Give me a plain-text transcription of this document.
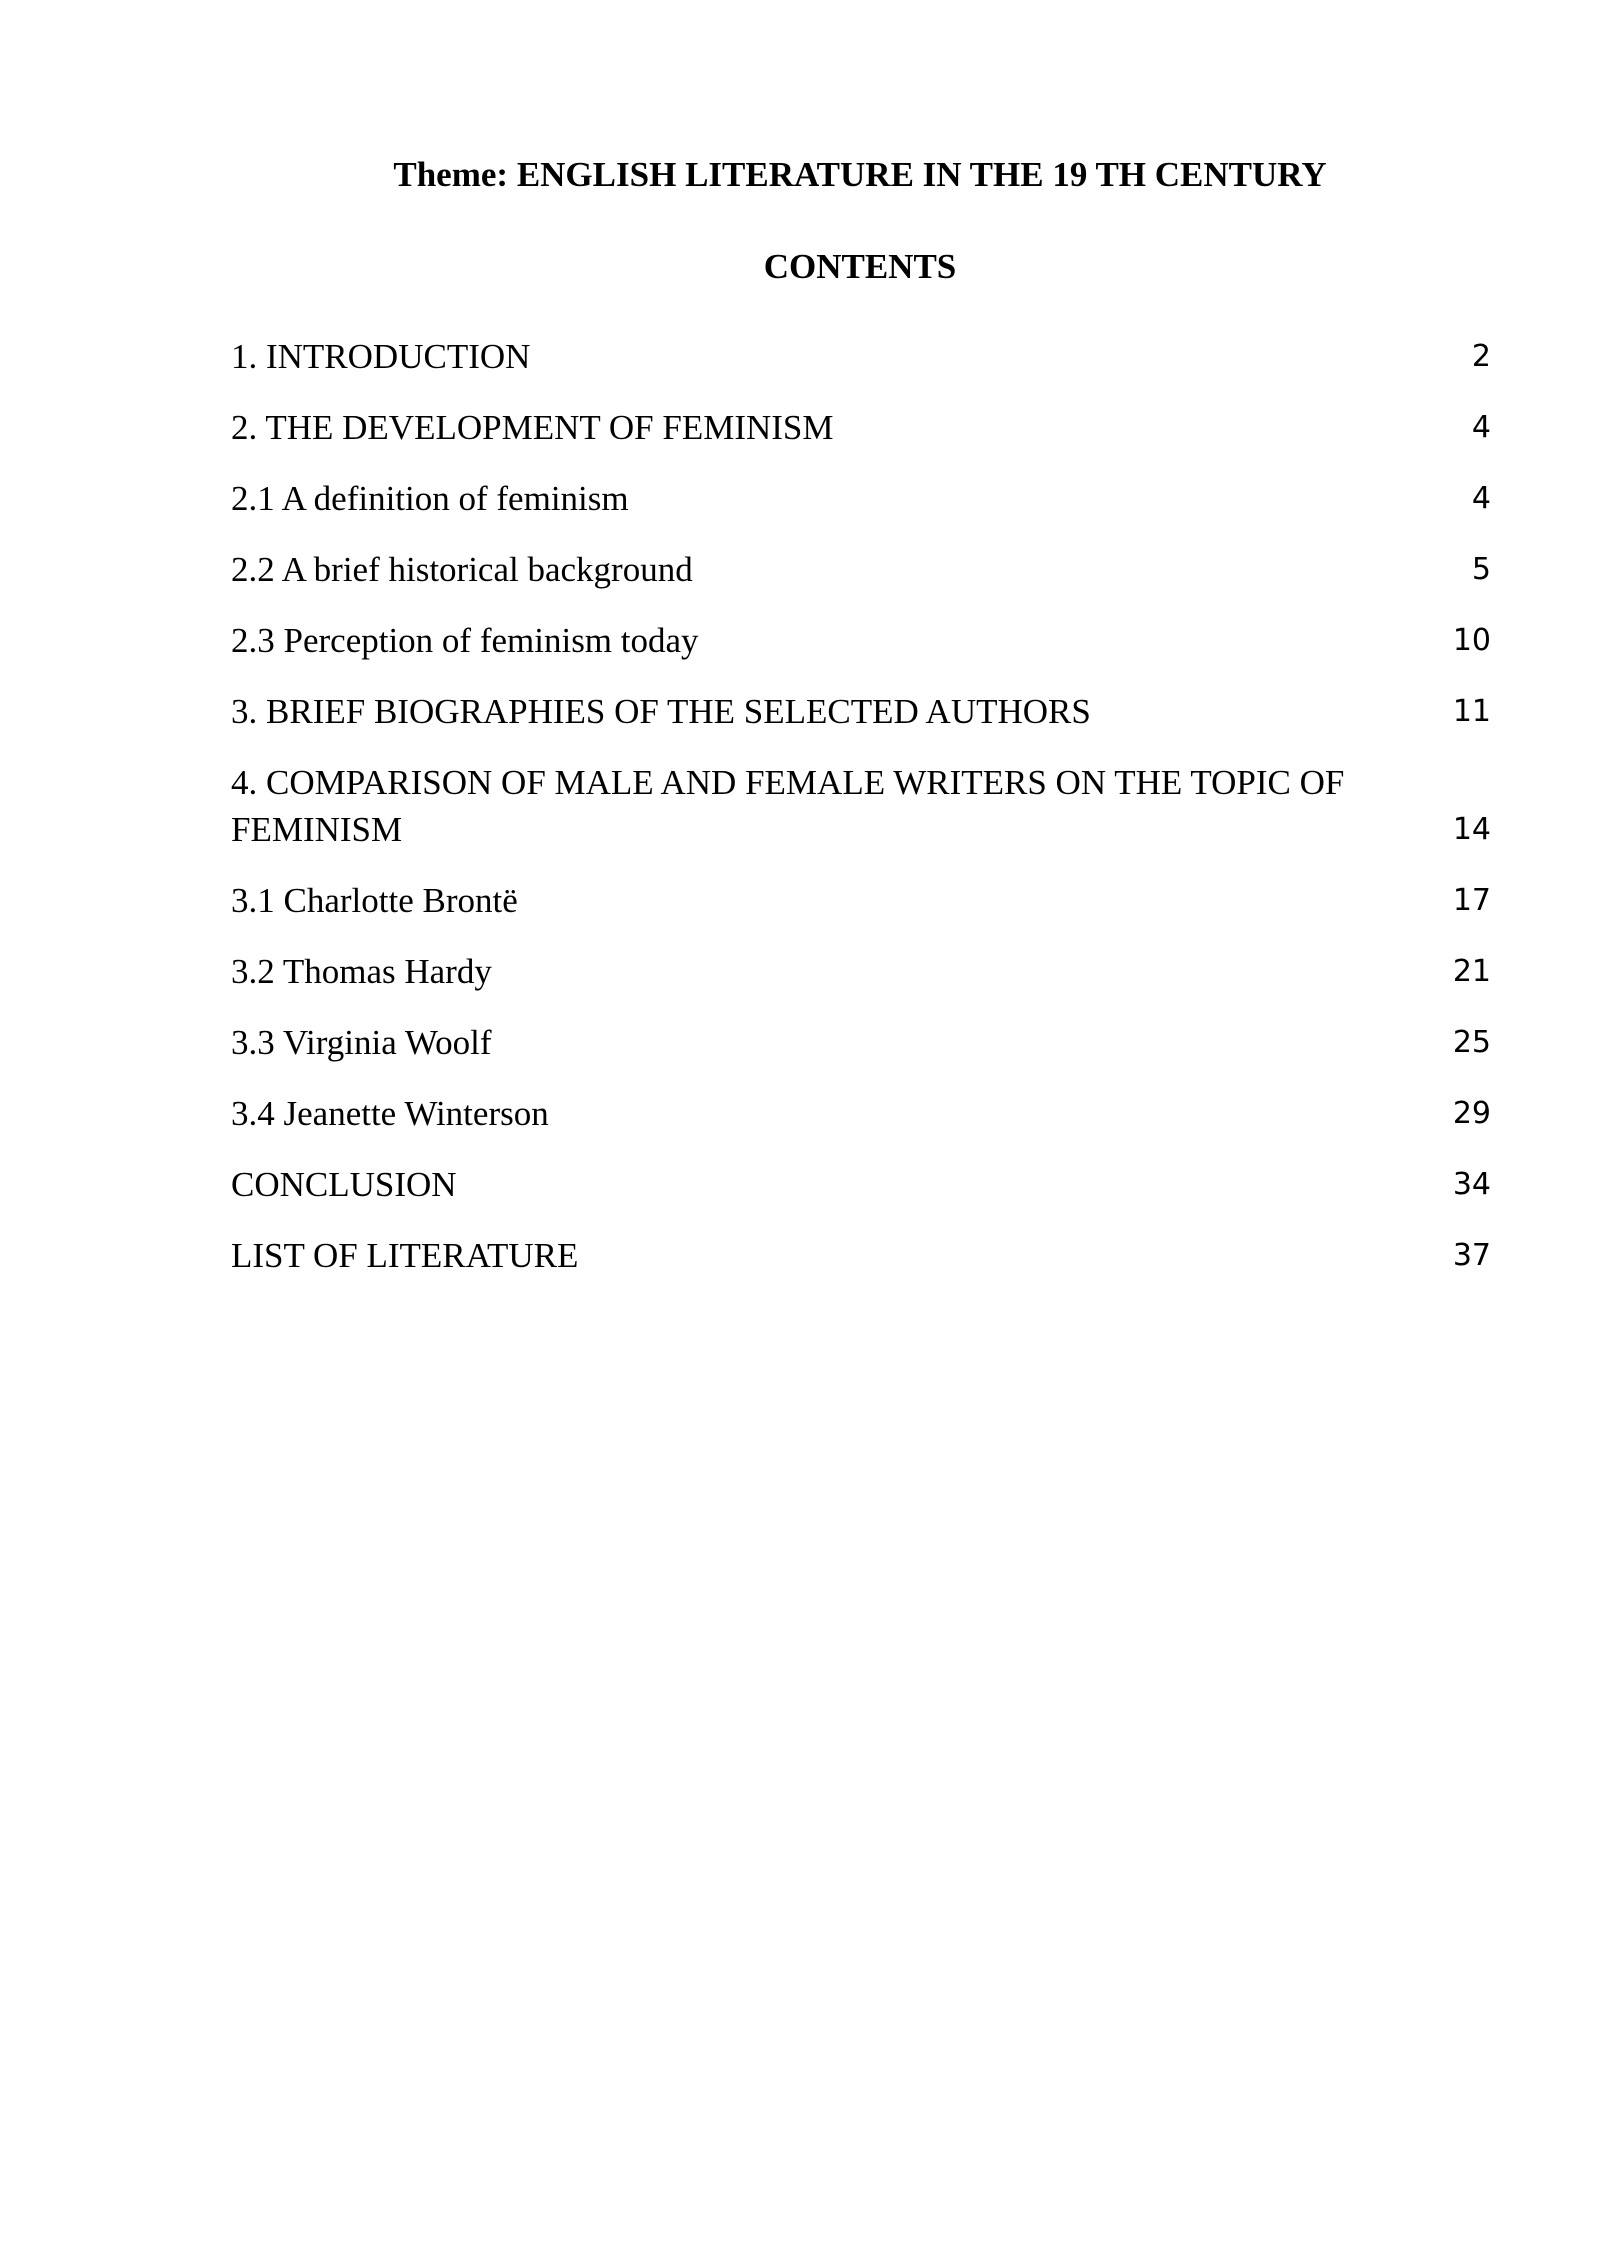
Theme: ENGLISH LITERATURE IN THE 19 TH CENTURY
CONTENTS
1. INTRODUCTION	2
2. THE DEVELOPMENT OF FEMINISM	4
2.1 A definition of feminism	4
2.2 A brief historical background	5
2.3 Perception of feminism today	10
3. BRIEF BIOGRAPHIES OF THE SELECTED AUTHORS	11
4. COMPARISON OF MALE AND FEMALE WRITERS ON THE TOPIC OF FEMINISM	14
3.1 Charlotte Brontë	17
3.2 Thomas Hardy	21
3.3 Virginia Woolf	25
3.4 Jeanette Winterson	29
CONCLUSION	34
LIST OF LITERATURE	37
